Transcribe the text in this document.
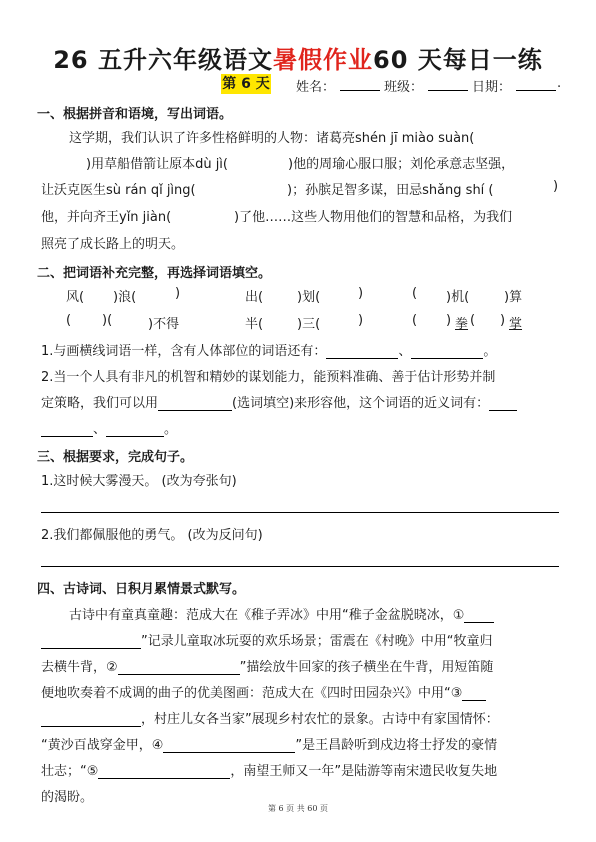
26 五升六年级语文暑假作业60 天每日一练
第 6 天 姓名：	班级：	日期：	.
一、根据拼音和语境，写出词语。
这学期，我们认识了许多性格鲜明的人物：诸葛亮shén jī miào suàn(
)用草船借箭让原本dù jì(	)他的周瑜心服口服；刘伦承意志坚强，
让沃克医生sù rán qǐ jìng(	)；孙膑足智多谋，田忌shǎng shí (	)
他，并向齐王yǐn jiàn(	)了他……这些人物用他们的智慧和品格，为我们
照亮了成长路上的明天。
二、把词语补充完整，再选择词语填空。
风( )浪(	)	出(	)划(	)	( )机(	)算
( )(	)不得	半(	)三(	)	( ) 拳 ( ) 掌
1.与画横线词语一样，含有人体部位的词语还有：	、	。
2.当一个人具有非凡的机智和精妙的谋划能力，能预料准确、善于估计形势并制
定策略，我们可以用	(选词填空)来形容他，这个词语的近义词有：
、	。
三、根据要求，完成句子。
1.这时候大雾漫天。 (改为夸张句)
2.我们都佩服他的勇气。 (改为反问句)
四、古诗词、日积月累情景式默写。
古诗中有童真童趣：范成大在《稚子弄冰》中用“稚子金盆脱晓冰，①
”记录儿童取冰玩耍的欢乐场景；雷震在《村晚》中用“牧童归
去横牛背，②	”描绘放牛回家的孩子横坐在牛背，用短笛随
便地吹奏着不成调的曲子的优美图画：范成大在《四时田园杂兴》中用“③
，村庄儿女各当家”展现乡村农忙的景象。古诗中有家国情怀：
“黄沙百战穿金甲，④	”是王昌龄听到戍边将士抒发的豪情
壮志；“⑤	，南望王师又一年”是陆游等南宋遗民收复失地
的渴盼。
第 6 页 共 60 页
